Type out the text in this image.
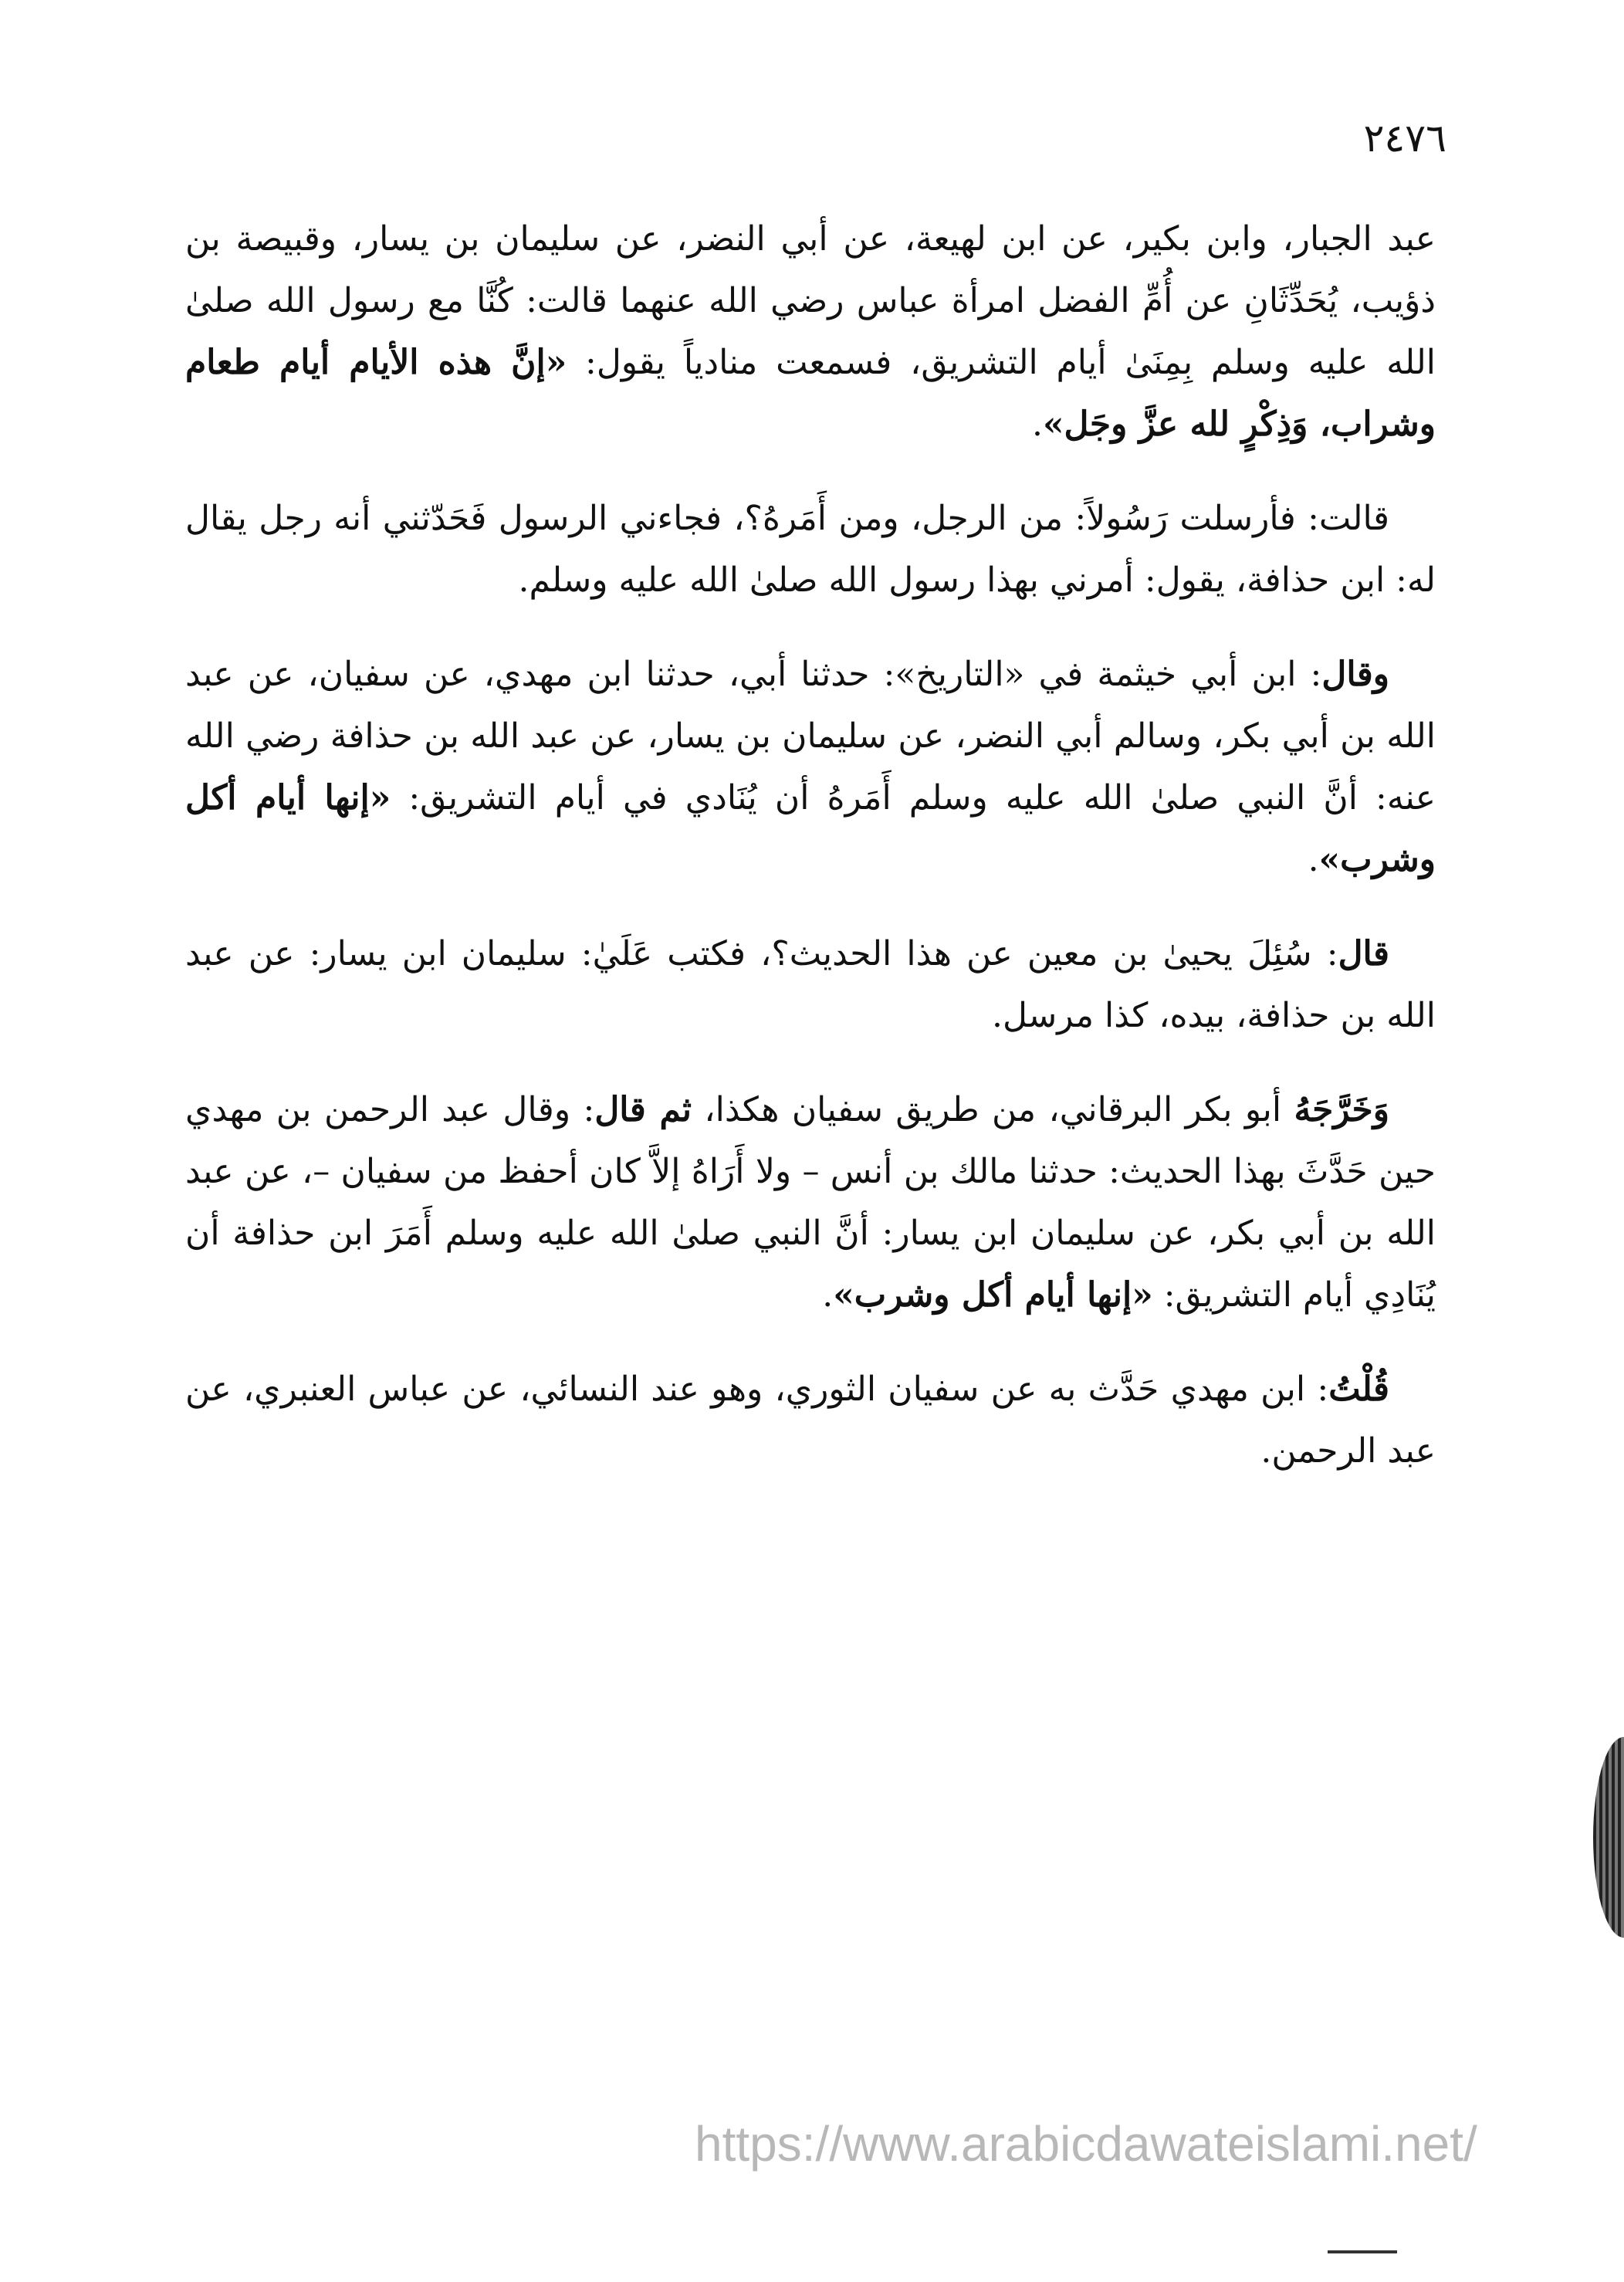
٢٤٧٦

عبد الجبار، وابن بكير، عن ابن لهيعة، عن أبي النضر، عن سليمان بن يسار، وقبيصة بن ذؤيب، يُحَدِّثَانِ عن أُمِّ الفضل امرأة عباس رضي الله عنهما قالت: كُنَّا مع رسول الله صلىٰ الله عليه وسلم بِمِنَىٰ أيام التشريق، فسمعت منادياً يقول: «إنَّ هذه الأيام أيام طعام وشراب، وَذِكْرٍ لله عزَّ وجَل».

قالت: فأرسلت رَسُولاً: من الرجل، ومن أَمَرهُ؟، فجاءني الرسول فَحَدّثني أنه رجل يقال له: ابن حذافة، يقول: أمرني بهذا رسول الله صلىٰ الله عليه وسلم.

وقال: ابن أبي خيثمة في «التاريخ»: حدثنا أبي، حدثنا ابن مهدي، عن سفيان، عن عبد الله بن أبي بكر، وسالم أبي النضر، عن سليمان بن يسار، عن عبد الله بن حذافة رضي الله عنه: أنَّ النبي صلىٰ الله عليه وسلم أَمَرهُ أن يُنَادي في أيام التشريق: «إنها أيام أكل وشرب».

قال: سُئِلَ يحيىٰ بن معين عن هذا الحديث؟، فكتب عَلَيٰ: سليمان ابن يسار: عن عبد الله بن حذافة، بيده، كذا مرسل.

وَخَرَّجَهُ أبو بكر البرقاني، من طريق سفيان هكذا، ثم قال: وقال عبد الرحمن بن مهدي حين حَدَّثَ بهذا الحديث: حدثنا مالك بن أنس – ولا أَرَاهُ إلاَّ كان أحفظ من سفيان –، عن عبد الله بن أبي بكر، عن سليمان ابن يسار: أنَّ النبي صلىٰ الله عليه وسلم أَمَرَ ابن حذافة أن يُنَادِي أيام التشريق: «إنها أيام أكل وشرب».

قُلْتُ: ابن مهدي حَدَّث به عن سفيان الثوري، وهو عند النسائي، عن عباس العنبري، عن عبد الرحمن.

https://www.arabicdawateislami.net/
